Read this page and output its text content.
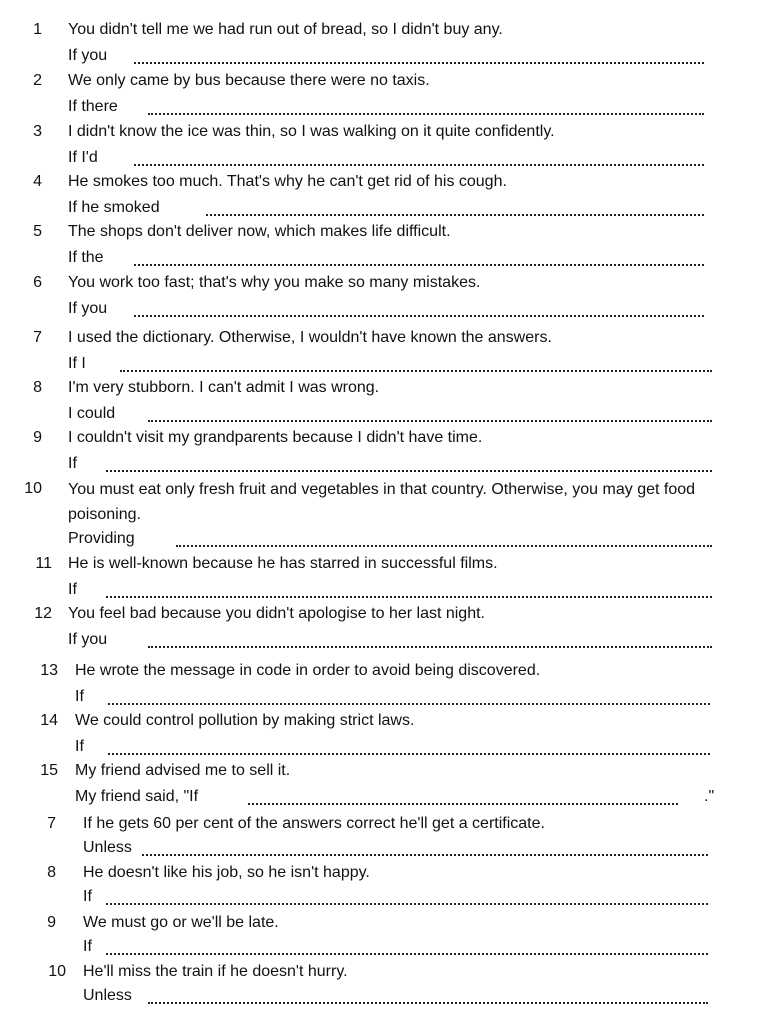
1 You didn't tell me we had run out of bread, so I didn't buy any.
If you
2 We only came by bus because there were no taxis.
If there
3 I didn't know the ice was thin, so I was walking on it quite confidently.
If I'd
4 He smokes too much. That's why he can't get rid of his cough.
If he smoked
5 The shops don't deliver now, which makes life difficult.
If the
6 You work too fast; that's why you make so many mistakes.
If you
7 I used the dictionary. Otherwise, I wouldn't have known the answers.
If I
8 I'm very stubborn. I can't admit I was wrong.
I could
9 I couldn't visit my grandparents because I didn't have time.
If
10 You must eat only fresh fruit and vegetables in that country. Otherwise, you may get food poisoning.
Providing
11 He is well-known because he has starred in successful films.
If
12 You feel bad because you didn't apologise to her last night.
If you
13 He wrote the message in code in order to avoid being discovered.
If
14 We could control pollution by making strict laws.
If
15 My friend advised me to sell it.
My friend said, "If	."
7 If he gets 60 per cent of the answers correct he'll get a certificate.
Unless
8 He doesn't like his job, so he isn't happy.
If
9 We must go or we'll be late.
If
10 He'll miss the train if he doesn't hurry.
Unless
